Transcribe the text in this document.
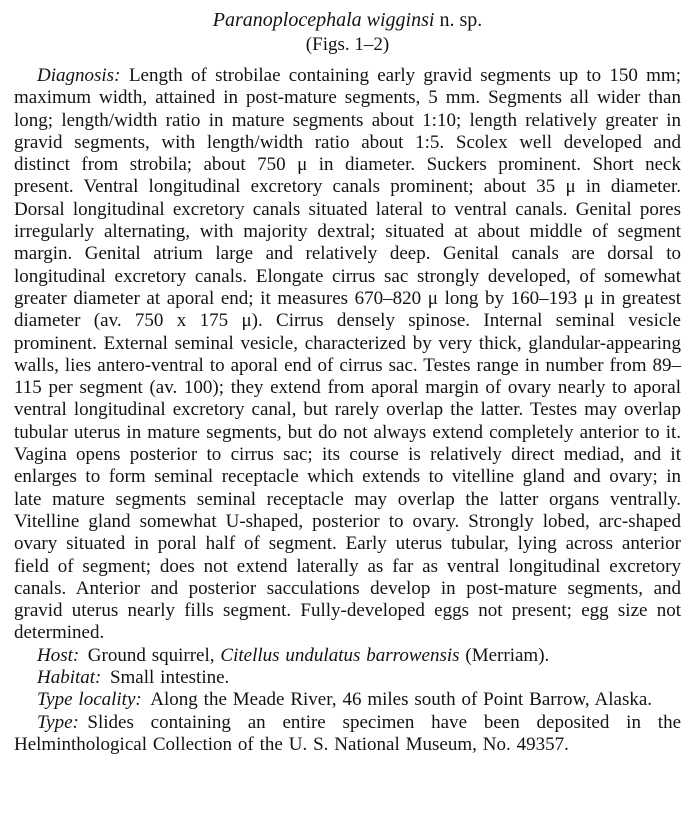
Paranoplocephala wigginsi n. sp.
(Figs. 1–2)

Diagnosis: Length of strobilae containing early gravid segments up to 150 mm; maximum width, attained in post-mature segments, 5 mm. Segments all wider than long; length/width ratio in mature segments about 1:10; length relatively greater in gravid segments, with length/width ratio about 1:5. Scolex well developed and distinct from strobila; about 750 μ in diameter. Suckers prominent. Short neck present. Ventral longitudinal excretory canals prominent; about 35 μ in diameter. Dorsal longitudinal excretory canals situated lateral to ventral canals. Genital pores irregularly alternating, with majority dextral; situated at about middle of segment margin. Genital atrium large and relatively deep. Genital canals are dorsal to longitudinal excretory canals. Elongate cirrus sac strongly developed, of somewhat greater diameter at aporal end; it measures 670–820 μ long by 160–193 μ in greatest diameter (av. 750 x 175 μ). Cirrus densely spinose. Internal seminal vesicle prominent. External seminal vesicle, characterized by very thick, glandular-appearing walls, lies antero-ventral to aporal end of cirrus sac. Testes range in number from 89–115 per segment (av. 100); they extend from aporal margin of ovary nearly to aporal ventral longitudinal excretory canal, but rarely overlap the latter. Testes may overlap tubular uterus in mature segments, but do not always extend completely anterior to it. Vagina opens posterior to cirrus sac; its course is relatively direct mediad, and it enlarges to form seminal receptacle which extends to vitelline gland and ovary; in late mature segments seminal receptacle may overlap the latter organs ventrally. Vitelline gland somewhat U-shaped, posterior to ovary. Strongly lobed, arc-shaped ovary situated in poral half of segment. Early uterus tubular, lying across anterior field of segment; does not extend laterally as far as ventral longitudinal excretory canals. Anterior and posterior sacculations develop in post-mature segments, and gravid uterus nearly fills segment. Fully-developed eggs not present; egg size not determined.

Host: Ground squirrel, Citellus undulatus barrowensis (Merriam).

Habitat: Small intestine.

Type locality: Along the Meade River, 46 miles south of Point Barrow, Alaska.

Type: Slides containing an entire specimen have been deposited in the Helminthological Collection of the U. S. National Museum, No. 49357.
